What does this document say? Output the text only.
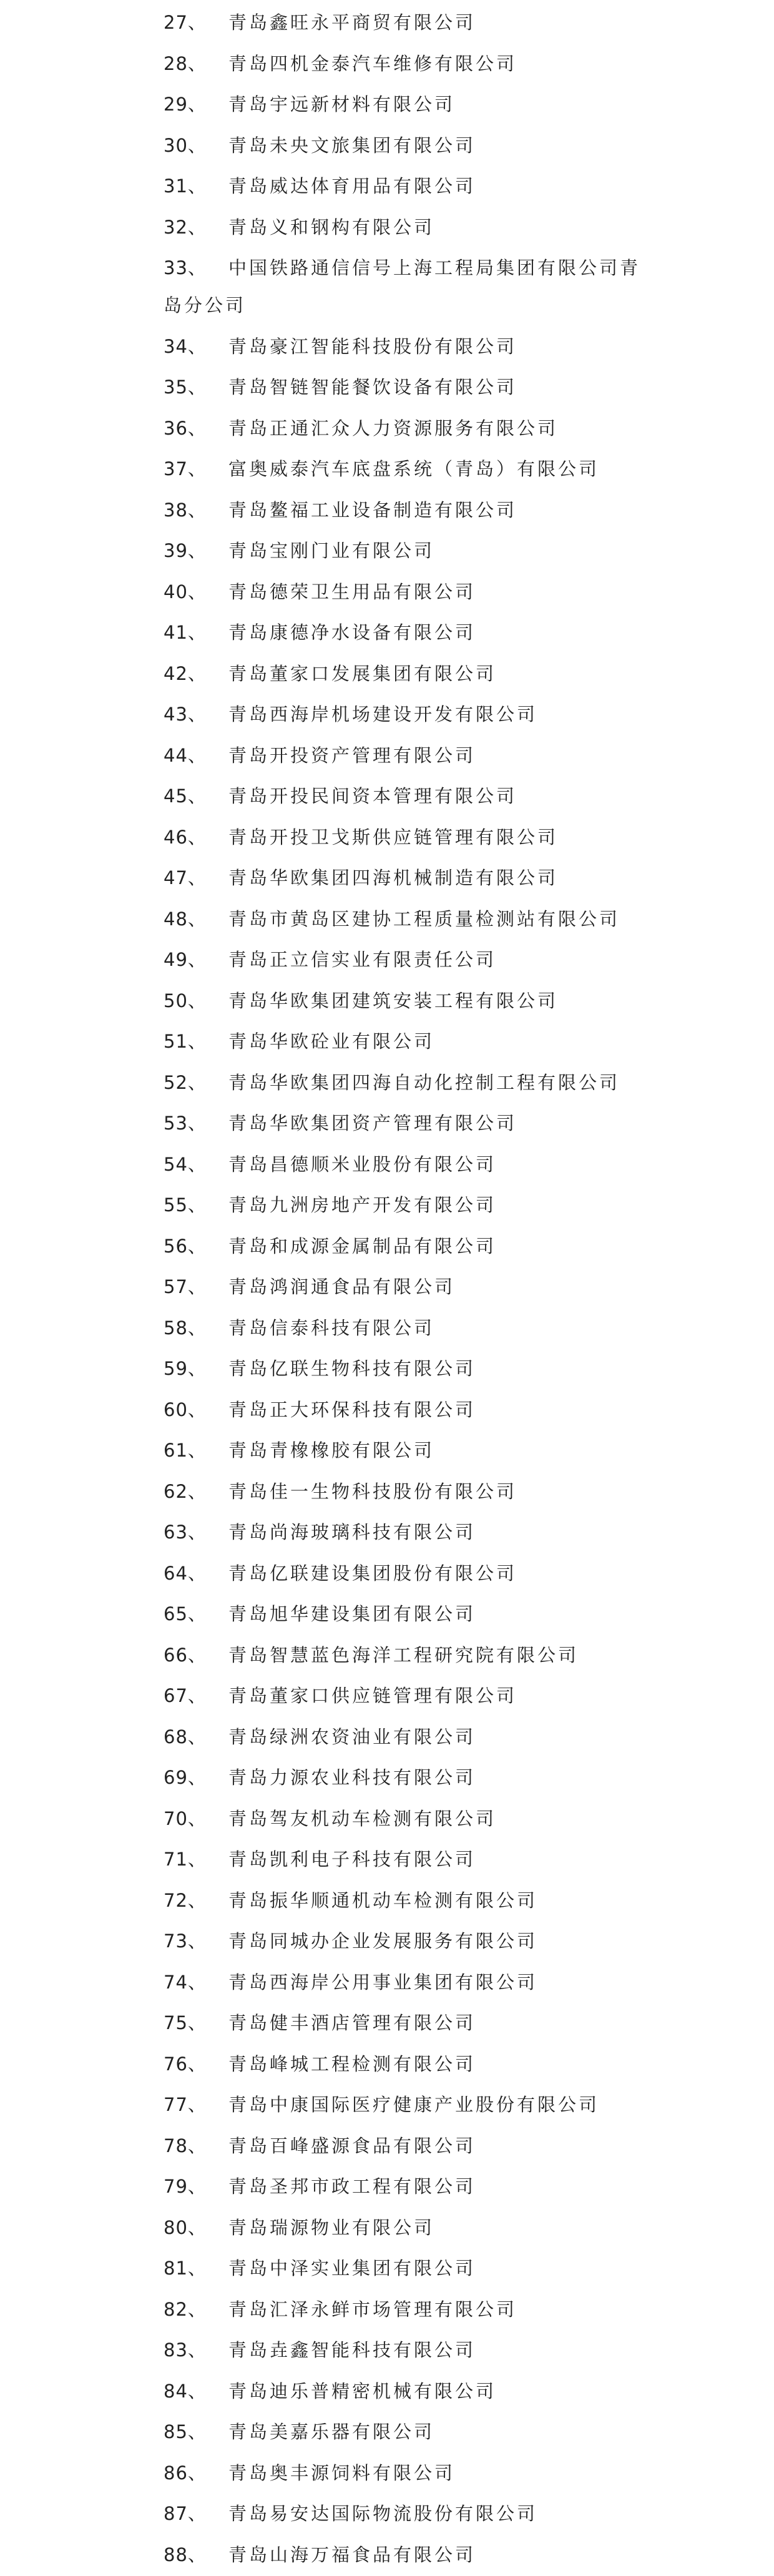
27、 青岛鑫旺永平商贸有限公司
28、 青岛四机金泰汽车维修有限公司
29、 青岛宇远新材料有限公司
30、 青岛未央文旅集团有限公司
31、 青岛威达体育用品有限公司
32、 青岛义和钢构有限公司
33、 中国铁路通信信号上海工程局集团有限公司青
岛分公司
34、 青岛豪江智能科技股份有限公司
35、 青岛智链智能餐饮设备有限公司
36、 青岛正通汇众人力资源服务有限公司
37、 富奥威泰汽车底盘系统（青岛）有限公司
38、 青岛鳌福工业设备制造有限公司
39、 青岛宝刚门业有限公司
40、 青岛德荣卫生用品有限公司
41、 青岛康德净水设备有限公司
42、 青岛董家口发展集团有限公司
43、 青岛西海岸机场建设开发有限公司
44、 青岛开投资产管理有限公司
45、 青岛开投民间资本管理有限公司
46、 青岛开投卫戈斯供应链管理有限公司
47、 青岛华欧集团四海机械制造有限公司
48、 青岛市黄岛区建协工程质量检测站有限公司
49、 青岛正立信实业有限责任公司
50、 青岛华欧集团建筑安装工程有限公司
51、 青岛华欧砼业有限公司
52、 青岛华欧集团四海自动化控制工程有限公司
53、 青岛华欧集团资产管理有限公司
54、 青岛昌德顺米业股份有限公司
55、 青岛九洲房地产开发有限公司
56、 青岛和成源金属制品有限公司
57、 青岛鸿润通食品有限公司
58、 青岛信泰科技有限公司
59、 青岛亿联生物科技有限公司
60、 青岛正大环保科技有限公司
61、 青岛青橡橡胶有限公司
62、 青岛佳一生物科技股份有限公司
63、 青岛尚海玻璃科技有限公司
64、 青岛亿联建设集团股份有限公司
65、 青岛旭华建设集团有限公司
66、 青岛智慧蓝色海洋工程研究院有限公司
67、 青岛董家口供应链管理有限公司
68、 青岛绿洲农资油业有限公司
69、 青岛力源农业科技有限公司
70、 青岛驾友机动车检测有限公司
71、 青岛凯利电子科技有限公司
72、 青岛振华顺通机动车检测有限公司
73、 青岛同城办企业发展服务有限公司
74、 青岛西海岸公用事业集团有限公司
75、 青岛健丰酒店管理有限公司
76、 青岛峰城工程检测有限公司
77、 青岛中康国际医疗健康产业股份有限公司
78、 青岛百峰盛源食品有限公司
79、 青岛圣邦市政工程有限公司
80、 青岛瑞源物业有限公司
81、 青岛中泽实业集团有限公司
82、 青岛汇泽永鲜市场管理有限公司
83、 青岛垚鑫智能科技有限公司
84、 青岛迪乐普精密机械有限公司
85、 青岛美嘉乐器有限公司
86、 青岛奥丰源饲料有限公司
87、 青岛易安达国际物流股份有限公司
88、 青岛山海万福食品有限公司
